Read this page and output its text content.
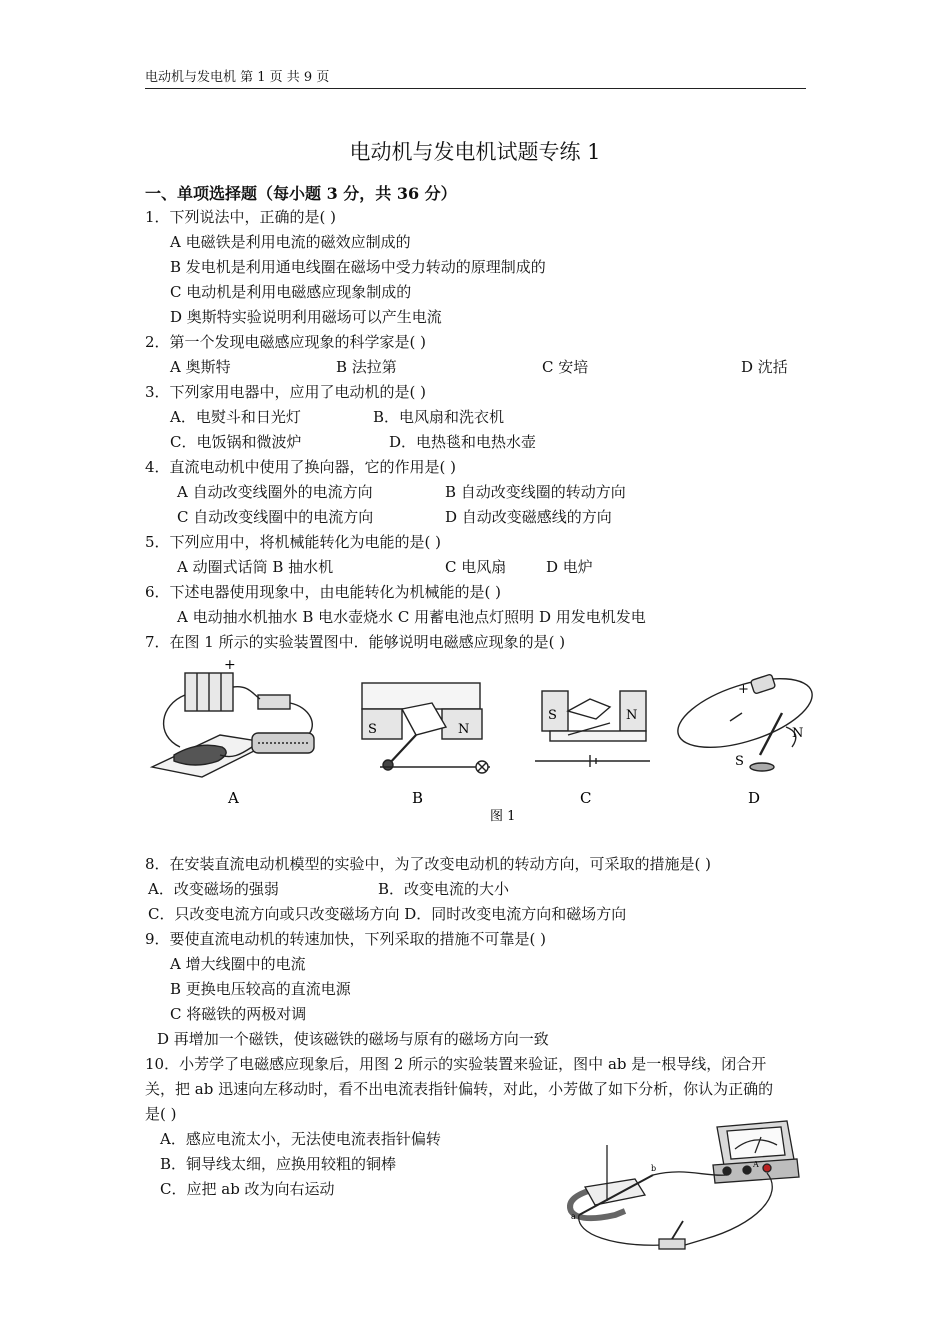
电动机与发电机 第 1 页 共 9 页
电动机与发电机试题专练 1
一、单项选择题（每小题 3 分，共 36 分）
1．下列说法中，正确的是( )
A 电磁铁是利用电流的磁效应制成的
B 发电机是利用通电线圈在磁场中受力转动的原理制成的
C 电动机是利用电磁感应现象制成的
D 奥斯特实验说明利用磁场可以产生电流
2．第一个发现电磁感应现象的科学家是( )
A 奥斯特	B 法拉第	C 安培	D 沈括
3．下列家用电器中，应用了电动机的是( )
A．电熨斗和日光灯	B．电风扇和洗衣机
C．电饭锅和微波炉	D．电热毯和电热水壶
4．直流电动机中使用了换向器，它的作用是( )
A 自动改变线圈外的电流方向	B 自动改变线圈的转动方向
C 自动改变线圈中的电流方向	D 自动改变磁感线的方向
5．下列应用中，将机械能转化为电能的是( )
A 动圈式话筒 B 抽水机	C 电风扇	D 电炉
6．下述电器使用现象中，由电能转化为机械能的是( )
A 电动抽水机抽水 B 电水壶烧水 C 用蓄电池点灯照明 D 用发电机发电
7．在图 1 所示的实验装置图中．能够说明电磁感应现象的是( )
+
S	N
S	N
+
N
S
A	B	C	D
图 1
8．在安装直流电动机模型的实验中，为了改变电动机的转动方向，可采取的措施是( )
A．改变磁场的强弱	B．改变电流的大小
C．只改变电流方向或只改变磁场方向 D．同时改变电流方向和磁场方向
9．要使直流电动机的转速加快，下列采取的措施不可靠是( )
A 增大线圈中的电流
B 更换电压较高的直流电源
C 将磁铁的两极对调
D 再增加一个磁铁，使该磁铁的磁场与原有的磁场方向一致
10．小芳学了电磁感应现象后，用图 2 所示的实验装置来验证，图中 ab 是一根导线，闭合开
关，把 ab 迅速向左移动时，看不出电流表指针偏转，对此，小芳做了如下分析，你认为正确的
是( )
A．感应电流太小，无法使电流表指针偏转
B．铜导线太细，应换用较粗的铜棒
C．应把 ab 改为向右运动
A
a
b
